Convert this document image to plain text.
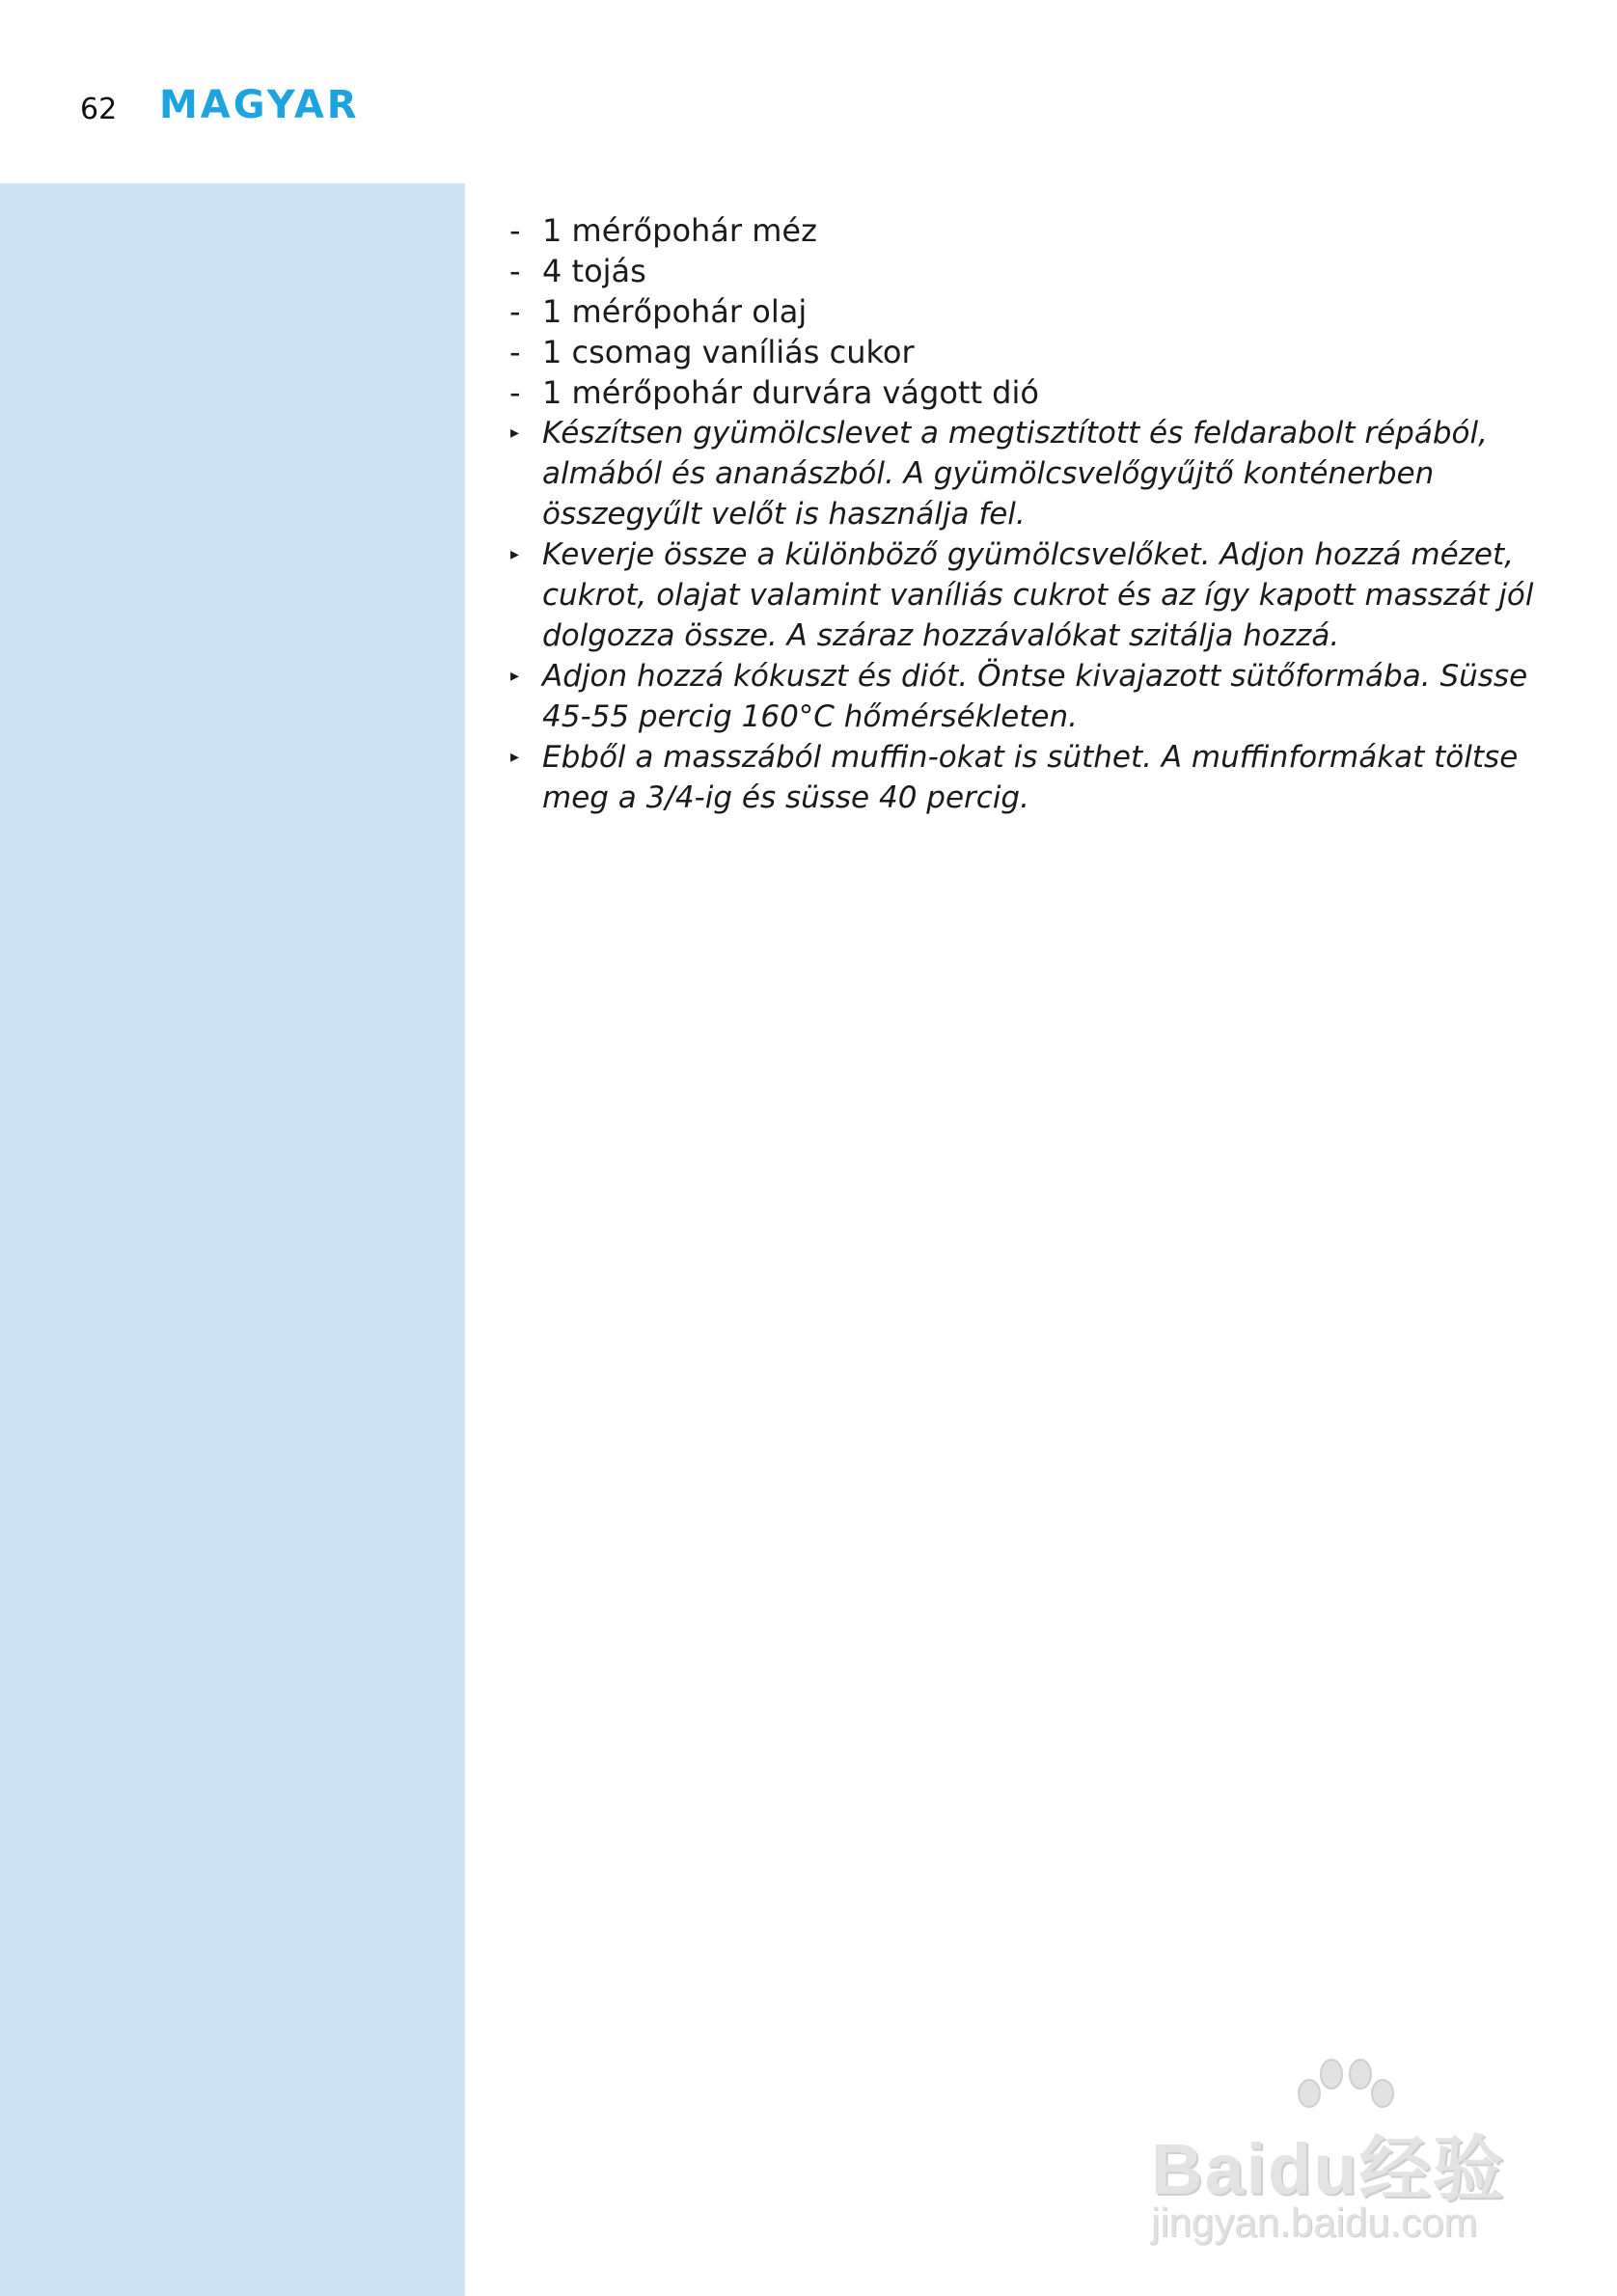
62 MAGYAR
- 1 mérőpohár méz
- 4 tojás
- 1 mérőpohár olaj
- 1 csomag vaníliás cukor
- 1 mérőpohár durvára vágott dió
▸ Készítsen gyümölcslevet a megtisztított és feldarabolt répából, almából és ananászból. A gyümölcsvelőgyűjtő konténerben összegyűlt velőt is használja fel.
▸ Keverje össze a különböző gyümölcsvelőket. Adjon hozzá mézet, cukrot, olajat valamint vaníliás cukrot és az így kapott masszát jól dolgozza össze. A száraz hozzávalókat szitálja hozzá.
▸ Adjon hozzá kókuszt és diót. Öntse kivajazott sütőformába. Süsse 45-55 percig 160°C hőmérsékleten.
▸ Ebből a masszából muffin-okat is süthet. A muffinformákat töltse meg a 3/4-ig és süsse 40 percig.
Baidu经验
jingyan.baidu.com
